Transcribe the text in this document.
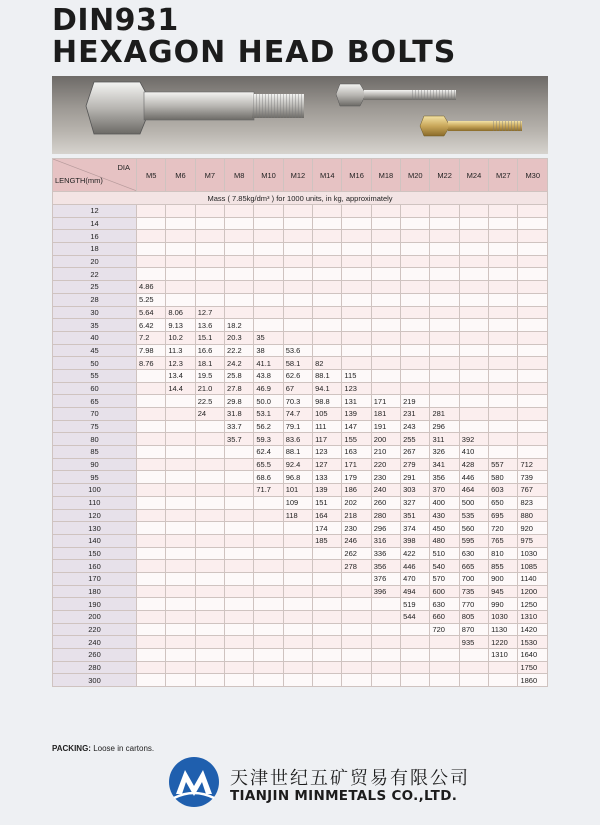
DIN931
HEXAGON HEAD BOLTS
DIA
LENGTH(mm)	M5	M6	M7	M8	M10	M12	M14	M16	M18	M20	M22	M24	M27	M30
Mass ( 7.85kg/dm³ ) for 1000 units, in kg, approximately														
12														
14														
16														
18														
20														
22														
25	4.86													
28	5.25													
30	5.64	8.06	12.7											
35	6.42	9.13	13.6	18.2										
40	7.2	10.2	15.1	20.3	35									
45	7.98	11.3	16.6	22.2	38	53.6								
50	8.76	12.3	18.1	24.2	41.1	58.1	82							
55		13.4	19.5	25.8	43.8	62.6	88.1	115						
60		14.4	21.0	27.8	46.9	67	94.1	123						
65			22.5	29.8	50.0	70.3	98.8	131	171	219				
70			24	31.8	53.1	74.7	105	139	181	231	281			
75				33.7	56.2	79.1	111	147	191	243	296			
80				35.7	59.3	83.6	117	155	200	255	311	392		
85					62.4	88.1	123	163	210	267	326	410		
90					65.5	92.4	127	171	220	279	341	428	557	712
95					68.6	96.8	133	179	230	291	356	446	580	739
100					71.7	101	139	186	240	303	370	464	603	767
110						109	151	202	260	327	400	500	650	823
120						118	164	218	280	351	430	535	695	880
130							174	230	296	374	450	560	720	920
140							185	246	316	398	480	595	765	975
150								262	336	422	510	630	810	1030
160								278	356	446	540	665	855	1085
170									376	470	570	700	900	1140
180									396	494	600	735	945	1200
190										519	630	770	990	1250
200										544	660	805	1030	1310
220											720	870	1130	1420
240												935	1220	1530
260													1310	1640
280														1750
300														1860
PACKING: Loose in cartons.
天津世纪五矿贸易有限公司
TIANJIN MINMETALS CO.,LTD.
